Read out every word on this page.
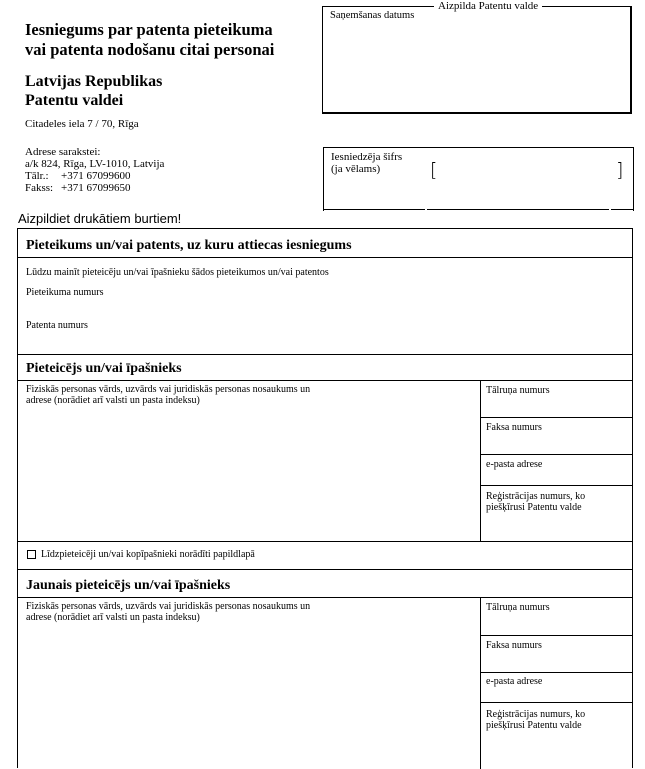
Iesniegums par patenta pieteikuma
vai patenta nodošanu citai personai
Latvijas Republikas
Patentu valdei
Citadeles iela 7 / 70, Rīga
Adrese sarakstei:
a/k 824, Rīga, LV-1010, Latvija
Tālr.:	+371 67099600
Fakss: +371 67099650
Aizpilda Patentu valde
Saņemšanas datums
Iesniedzēja šifrs
(ja vēlams)	[	]
Aizpildiet drukātiem burtiem!
Pieteikums un/vai patents, uz kuru attiecas iesniegums
Lūdzu mainīt pieteicēju un/vai īpašnieku šādos pieteikumos un/vai patentos
Pieteikuma numurs
Patenta numurs
Pieteicējs un/vai īpašnieks
Fiziskās personas vārds, uzvārds vai juridiskās personas nosaukums un
adrese (norādiet arī valsti un pasta indeksu)
Tālruņa numurs
Faksa numurs
e-pasta adrese
Reģistrācijas numurs, ko
piešķīrusi Patentu valde
Līdzpieteicēji un/vai kopīpašnieki norādīti papildlapā
Jaunais pieteicējs un/vai īpašnieks
Fiziskās personas vārds, uzvārds vai juridiskās personas nosaukums un
adrese (norādiet arī valsti un pasta indeksu)
Tālruņa numurs
Faksa numurs
e-pasta adrese
Reģistrācijas numurs, ko
piešķīrusi Patentu valde
